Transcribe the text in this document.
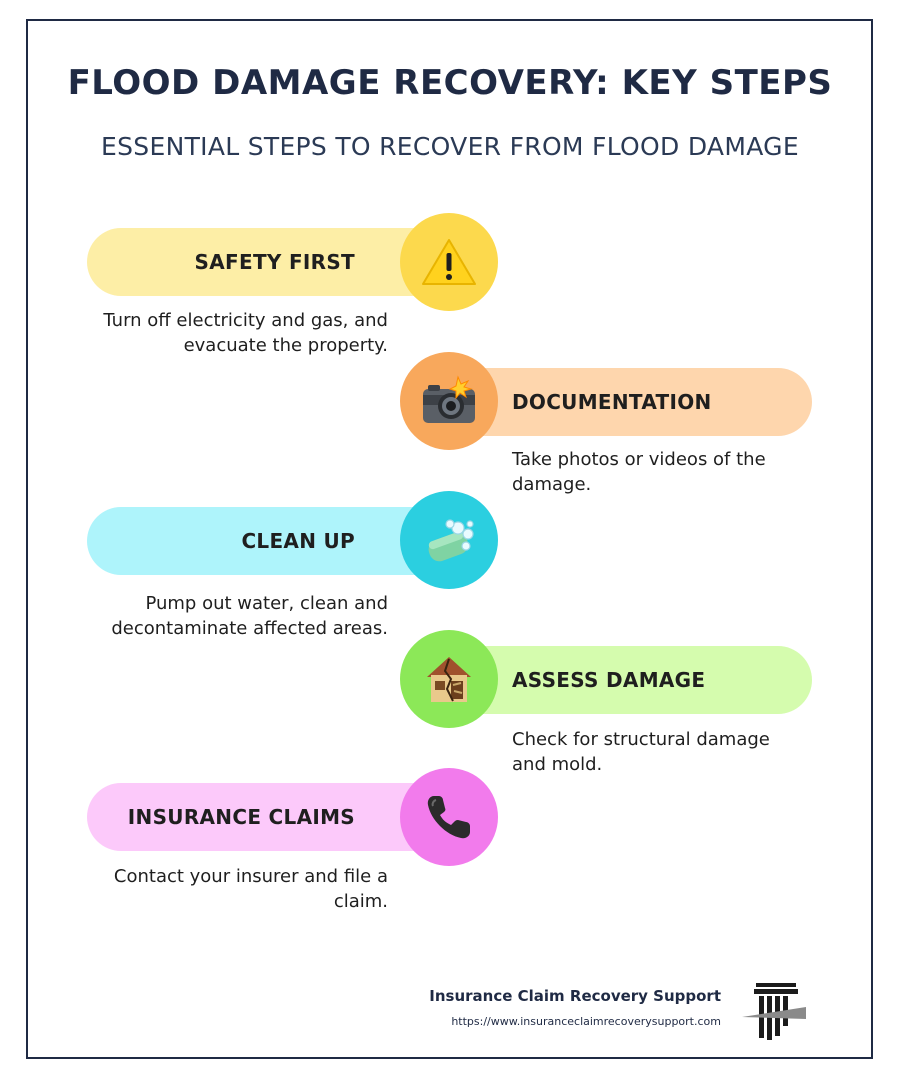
FLOOD DAMAGE RECOVERY: KEY STEPS
ESSENTIAL STEPS TO RECOVER FROM FLOOD DAMAGE
SAFETY FIRST
Turn off electricity and gas, and evacuate the property.
DOCUMENTATION
Take photos or videos of the damage.
CLEAN UP
Pump out water, clean and decontaminate affected areas.
ASSESS DAMAGE
Check for structural damage and mold.
INSURANCE CLAIMS
Contact your insurer and file a claim.
Insurance Claim Recovery Support
https://www.insuranceclaimrecoverysupport.com
